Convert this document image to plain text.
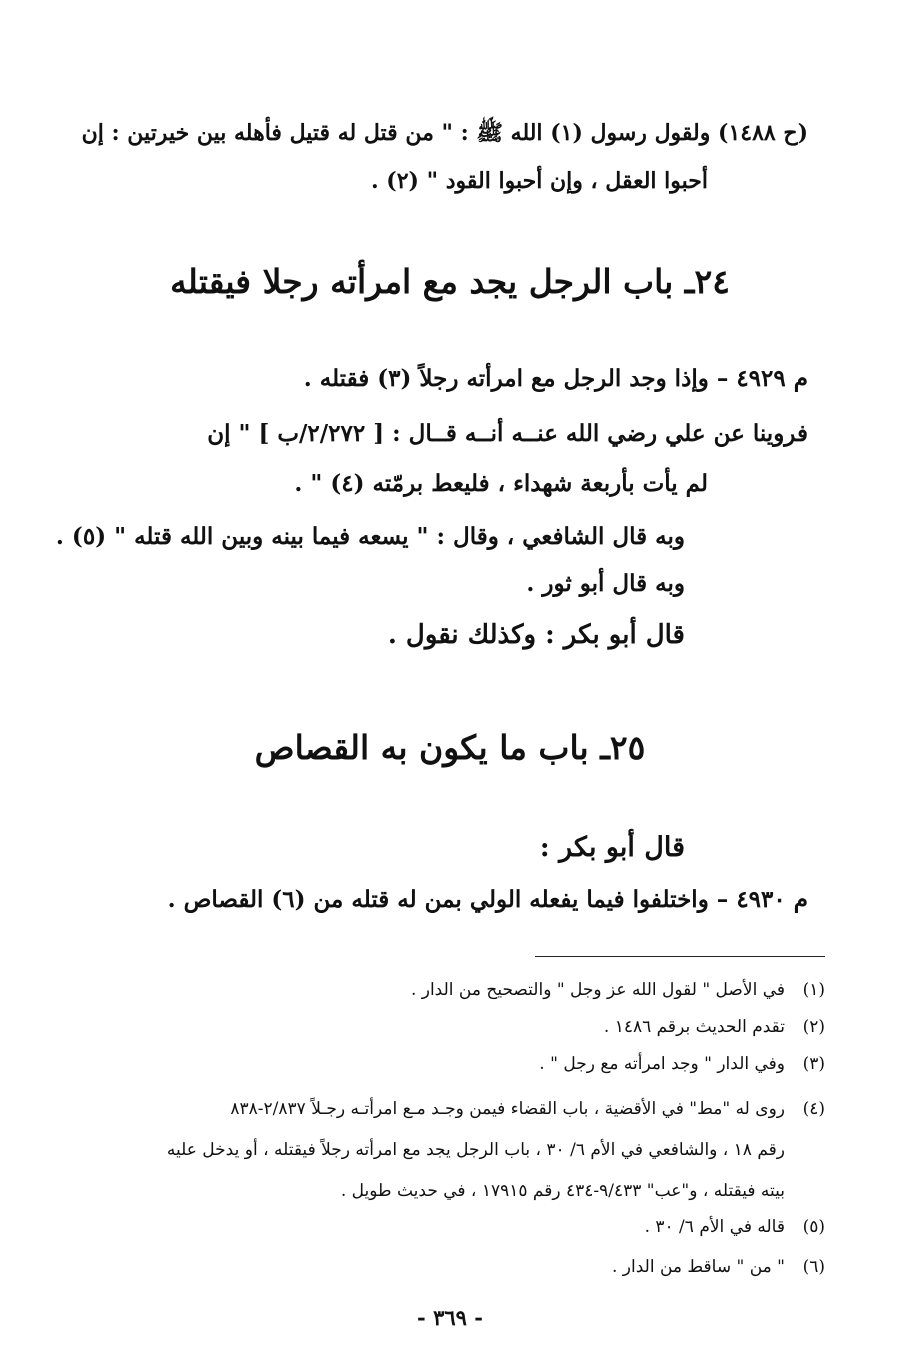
(ح ١٤٨٨) ولقول رسول (١) الله ﷺ : " من قتل له قتيل فأهله بين خيرتين : إن
أحبوا العقل ، وإن أحبوا القود " (٢) .
٢٤ـ باب الرجل يجد مع امرأته رجلا فيقتله
م ٤٩٢٩ – وإذا وجد الرجل مع امرأته رجلاً (٣) فقتله .
فروينا عن علي رضي الله عنــه أنــه قــال : [ ٢/٢٧٢/ب ] " إن
لم يأت بأربعة شهداء ، فليعط برمّته (٤) " .
وبه قال الشافعي ، وقال : " يسعه فيما بينه وبين الله قتله " (٥) .
وبه قال أبو ثور .
قال أبو بكر : وكذلك نقول .
٢٥ـ باب ما يكون به القصاص
قال أبو بكر :
م ٤٩٣٠ – واختلفوا فيما يفعله الولي بمن له قتله من (٦) القصاص .
(١)في الأصل " لقول الله عز وجل " والتصحيح من الدار .
(٢)تقدم الحديث برقم ١٤٨٦ .
(٣)وفي الدار " وجد امرأته مع رجل " .
(٤)روى له "مط" في الأقضية ، باب القضاء فيمن وجـد مـع امرأتـه رجـلاً ٢/٨٣٧-٨٣٨
رقم ١٨ ، والشافعي في الأم ٦/ ٣٠ ، باب الرجل يجد مع امرأته رجلاً فيقتله ، أو يدخل عليه
بيته فيقتله ، و"عب" ٩/٤٣٣-٤٣٤ رقم ١٧٩١٥ ، في حديث طويل .
(٥)قاله في الأم ٦/ ٣٠ .
(٦)" من " ساقط من الدار .
- ٣٦٩ -
